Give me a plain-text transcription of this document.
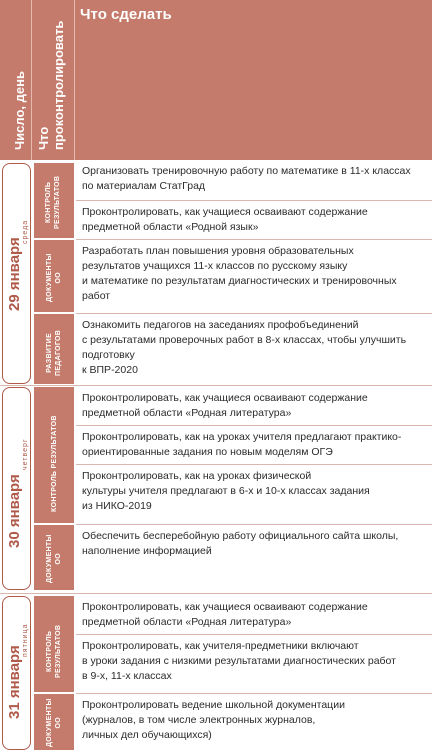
Число, день Что
проконтролировать
Что сделать
29 января
среда
30 января
четверг
31 января
пятница
КОНТРОЛЬ РЕЗУЛЬТАТОВ
ДОКУМЕНТЫ ОО
РАЗВИТИЕ ПЕДАГОГОВ
КОНТРОЛЬ РЕЗУЛЬТАТОВ
ДОКУМЕНТЫ ОО
КОНТРОЛЬ РЕЗУЛЬТАТОВ
ДОКУМЕНТЫ ОО
Организовать тренировочную работу по математике в 11-х классах
по материалам СтатГрад
Проконтролировать, как учащиеся осваивают содержание
предметной области «Родной язык»
Разработать план повышения уровня образовательных
результатов учащихся 11-х классов по русскому языку
и математике по результатам диагностических и тренировочных
работ
Ознакомить педагогов на заседаниях профобъединений
с результатами проверочных работ в 8-х классах, чтобы улучшить
подготовку
к ВПР-2020
Проконтролировать, как учащиеся осваивают содержание
предметной области «Родная литература»
Проконтролировать, как на уроках учителя предлагают практико-
ориентированные задания по новым моделям ОГЭ
Проконтролировать, как на уроках физической
культуры учителя предлагают в 6-х и 10-х классах задания
из НИКО-2019
Обеспечить бесперебойную работу официального сайта школы,
наполнение информацией
Проконтролировать, как учащиеся осваивают содержание
предметной области «Родная литература»
Проконтролировать, как учителя-предметники включают
в уроки задания с низкими результатами диагностических работ
в 9-х, 11-х классах
Проконтролировать ведение школьной документации
(журналов, в том числе электронных журналов,
личных дел обучающихся)
